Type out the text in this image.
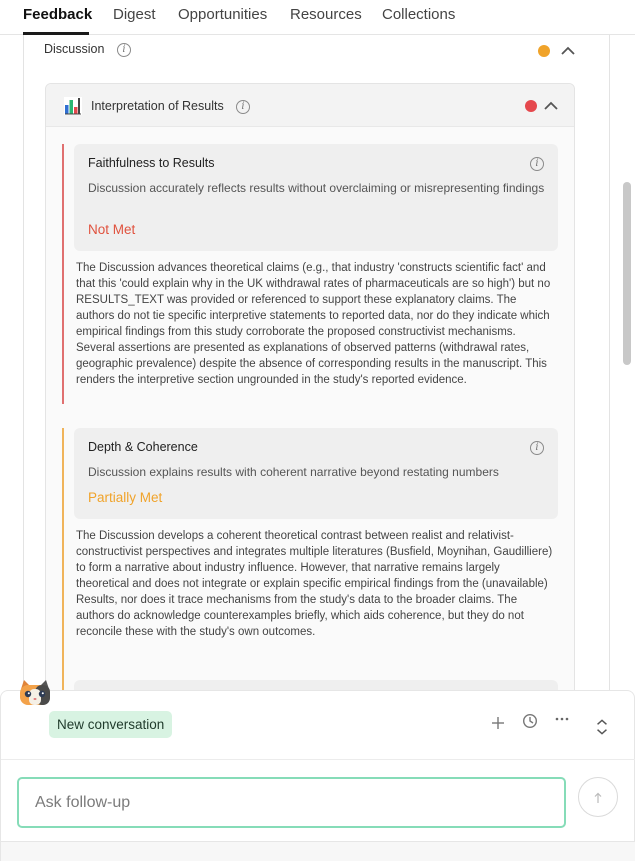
Feedback Digest Opportunities Resources Collections
Discussion	i
Interpretation of Results	i
Faithfulness to Results	i
Discussion accurately reflects results without overclaiming or misrepresenting findings
Not Met
The Discussion advances theoretical claims (e.g., that industry 'constructs scientific fact' and that this 'could explain why in the UK withdrawal rates of pharmaceuticals are so high') but no RESULTS_TEXT was provided or referenced to support these explanatory claims. The authors do not tie specific interpretive statements to reported data, nor do they indicate which empirical findings from this study corroborate the proposed constructivist mechanisms. Several assertions are presented as explanations of observed patterns (withdrawal rates, geographic prevalence) despite the absence of corresponding results in the manuscript. This renders the interpretive section ungrounded in the study's reported evidence.
Depth & Coherence	i
Discussion explains results with coherent narrative beyond restating numbers
Partially Met
The Discussion develops a coherent theoretical contrast between realist and relativist-constructivist perspectives and integrates multiple literatures (Busfield, Moynihan, Gaudilliere) to form a narrative about industry influence. However, that narrative remains largely theoretical and does not integrate or explain specific empirical findings from the (unavailable) Results, nor does it trace mechanisms from the study's data to the broader claims. The authors do acknowledge counterexamples briefly, which aids coherence, but they do not reconcile these with the study's own outcomes.
New conversation
Ask follow-up
